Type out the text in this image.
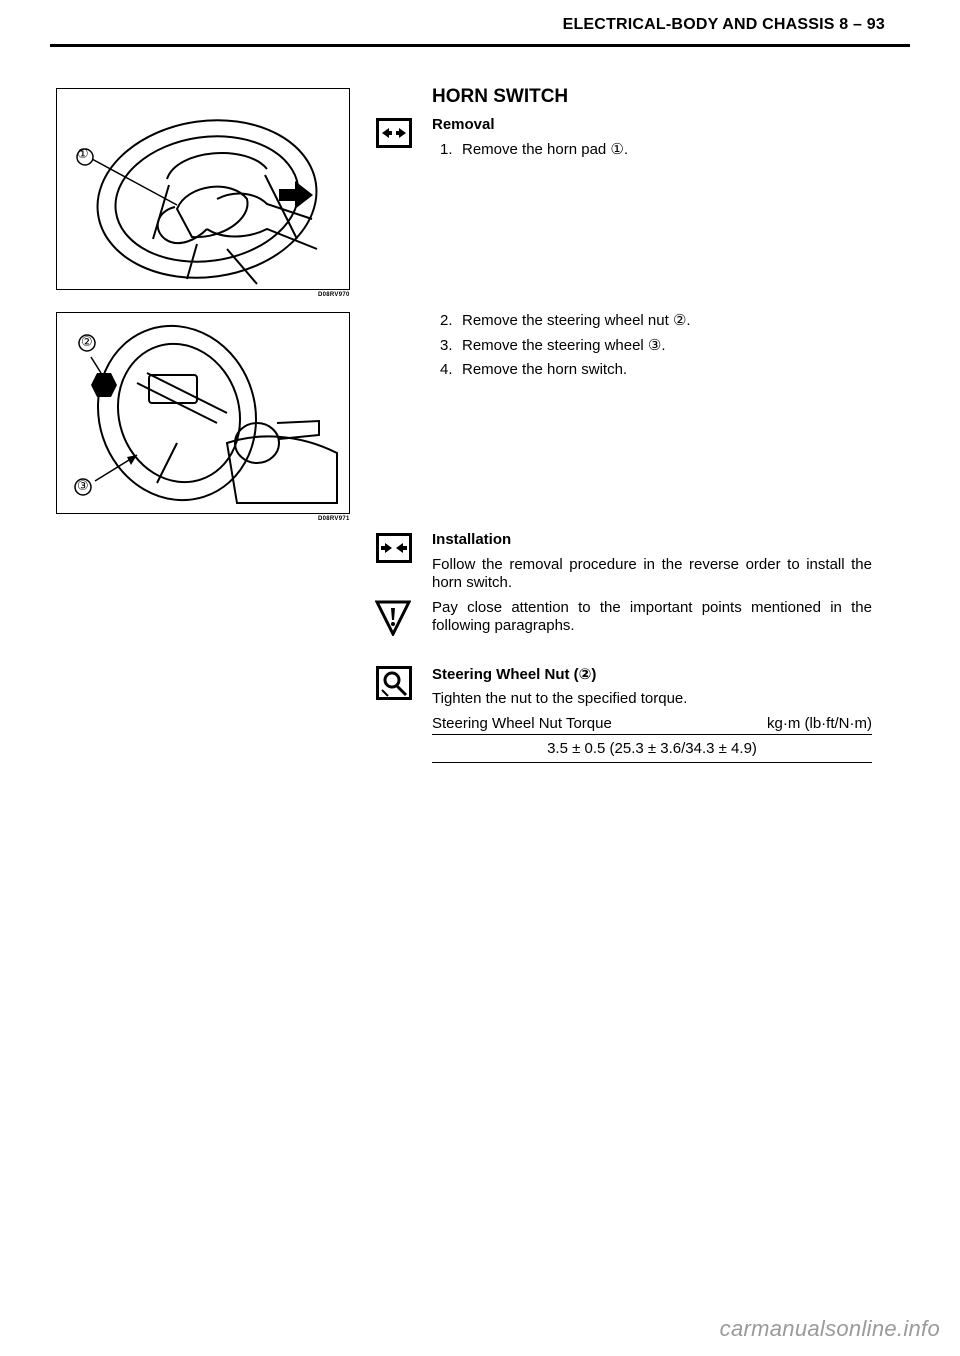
ELECTRICAL-BODY AND CHASSIS 8 – 93
D08RV970
①
D08RV971
②
③
HORN SWITCH
Removal
1. Remove the horn pad ①.
2. Remove the steering wheel nut ②.
3. Remove the steering wheel ③.
4. Remove the horn switch.
Installation
Follow the removal procedure in the reverse order to install the horn switch.
Pay close attention to the important points mentioned in the following paragraphs.
Steering Wheel Nut (②)
Tighten the nut to the specified torque.
Steering Wheel Nut Torque	kg·m (lb·ft/N·m)
3.5 ± 0.5 (25.3 ± 3.6/34.3 ± 4.9)
carmanualsonline.info
